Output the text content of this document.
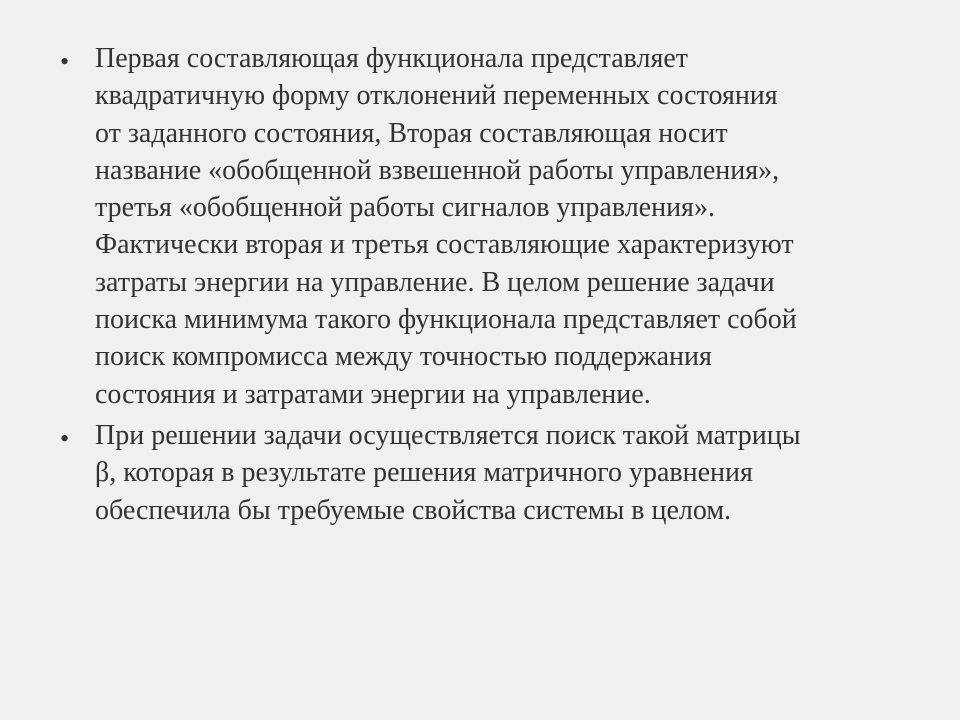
• Первая составляющая функционала представляет
квадратичную форму отклонений переменных состояния
от заданного состояния, Вторая составляющая носит
название «обобщенной взвешенной работы управления»,
третья «обобщенной работы сигналов управления».
Фактически вторая и третья составляющие характеризуют
затраты энергии на управление. В целом решение задачи
поиска минимума такого функционала представляет собой
поиск компромисса между точностью поддержания
состояния и затратами энергии на управление.
• При решении задачи осуществляется поиск такой матрицы
β, которая в результате решения матричного уравнения
обеспечила бы требуемые свойства системы в целом.
